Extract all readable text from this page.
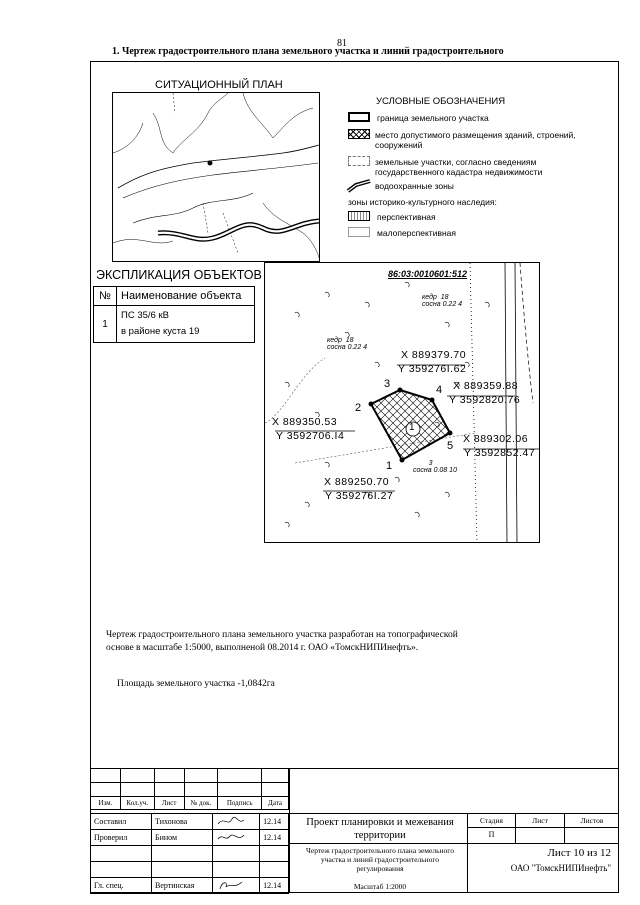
81
1. Чертеж градостроительного плана земельного участка и линий градостроительного
СИТУАЦИОННЫЙ ПЛАН
УСЛОВНЫЕ ОБОЗНАЧЕНИЯ
граница земельного участка
место допустимого размещения зданий, строений, сооружений
земельные участки, согласно сведениям государственного кадастра недвижимости
водоохранные зоны
зоны историко-культурного наследия:
перспективная
малоперспективная
ЭКСПЛИКАЦИЯ ОБЪЕКТОВ
№	Наименование объекта
1	ПС 35/6 кВ
в районе куста 19
86:03:0010601:512
кедр 18
сосна 0.22 4
кедр 18
сосна 0.22 4
3
сосна 0.08 10
1
2
3	4
5
1
X 889379.70
Y 359276I.62
X 889359.88
Y 3592820.76
X 889350.53
Y 3592706.I4	X 889302.06
Y 3592852.47
X 889250.70
Y 359276I.27
Чертеж градостроительного плана земельного участка разработан на топографической
основе в масштабе 1:5000, выполненой 08.2014 г. ОАО «ТомскНИПИнефть».
Площадь земельного участка -1,0842га

Изм.	Кол.уч.	Лист	№ док.	Подпись	Дата
Составил	Тихонова		12.14
Проверил	Бином		12.14

Гл. спец.	Вертинская		12.14
Проект планировки и межевания территории
Чертеж градостроительного плана земельного участка и линий градостроительного регулирования
Масштаб 1:2000
Стадия	Лист	Листов
П
Лист 10 из 12
ОАО "ТомскНИПИнефть"
